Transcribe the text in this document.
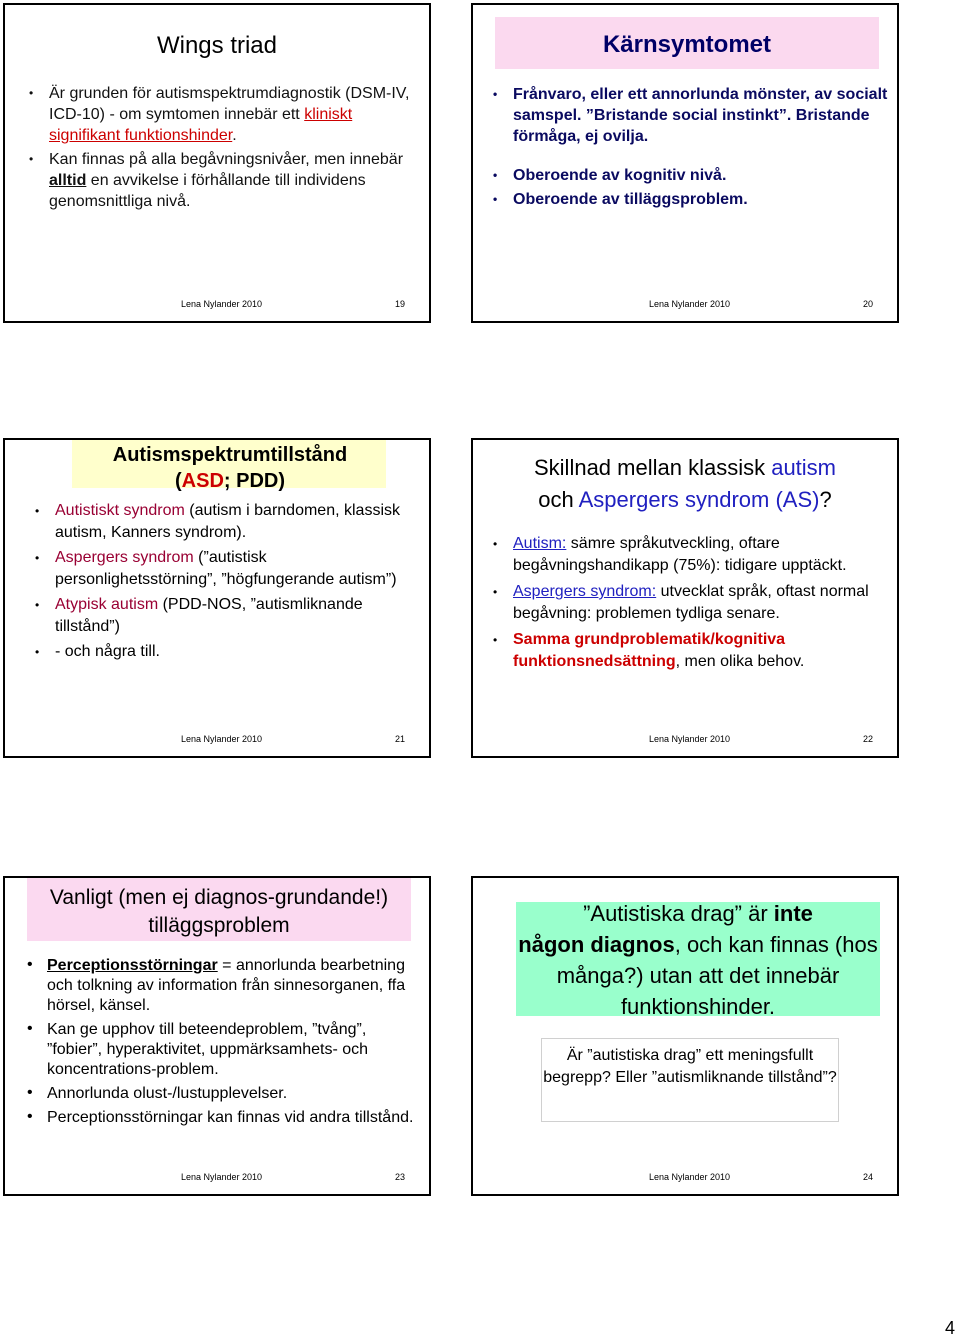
Wings triad
• Är grunden för autismspektrumdiagnostik (DSM-IV, ICD-10) - om symtomen innebär ett kliniskt signifikant funktionshinder.
• Kan finnas på alla begåvningsnivåer, men innebär alltid en avvikelse i förhållande till individens genomsnittliga nivå.
Lena Nylander 2010	19
Kärnsymtomet
• Frånvaro, eller ett annorlunda mönster, av socialt samspel. ”Bristande social instinkt”. Bristande förmåga, ej ovilja.
• Oberoende av kognitiv nivå.
• Oberoende av tilläggsproblem.
Lena Nylander 2010	20
Autismspektrumtillstånd
(ASD; PDD)
• Autistiskt syndrom (autism i barndomen, klassisk autism, Kanners syndrom).
• Aspergers syndrom (”autistisk personlighetsstörning”, ”högfungerande autism”)
• Atypisk autism (PDD-NOS, ”autismliknande tillstånd”)
• - och några till.
Lena Nylander 2010	21
Skillnad mellan klassisk autism
och Aspergers syndrom (AS)?
• Autism: sämre språkutveckling, oftare begåvningshandikapp (75%): tidigare upptäckt.
• Aspergers syndrom: utvecklat språk, oftast normal begåvning: problemen tydliga senare.
• Samma grundproblematik/kognitiva funktionsnedsättning, men olika behov.
Lena Nylander 2010	22
Vanligt (men ej diagnos-grundande!) tilläggsproblem
• Perceptionsstörningar = annorlunda bearbetning och tolkning av information från sinnesorganen, ffa hörsel, känsel.
• Kan ge upphov till beteendeproblem, ”tvång”, ”fobier”, hyperaktivitet, uppmärksamhets- och koncentrations-problem.
• Annorlunda olust-/lustupplevelser.
• Perceptionsstörningar kan finnas vid andra tillstånd.
Lena Nylander 2010	23
”Autistiska drag” är inte
någon diagnos, och kan finnas (hos många?) utan att det innebär funktionshinder.
Är ”autistiska drag” ett meningsfullt begrepp? Eller ”autismliknande tillstånd”?
Lena Nylander 2010	24
4
